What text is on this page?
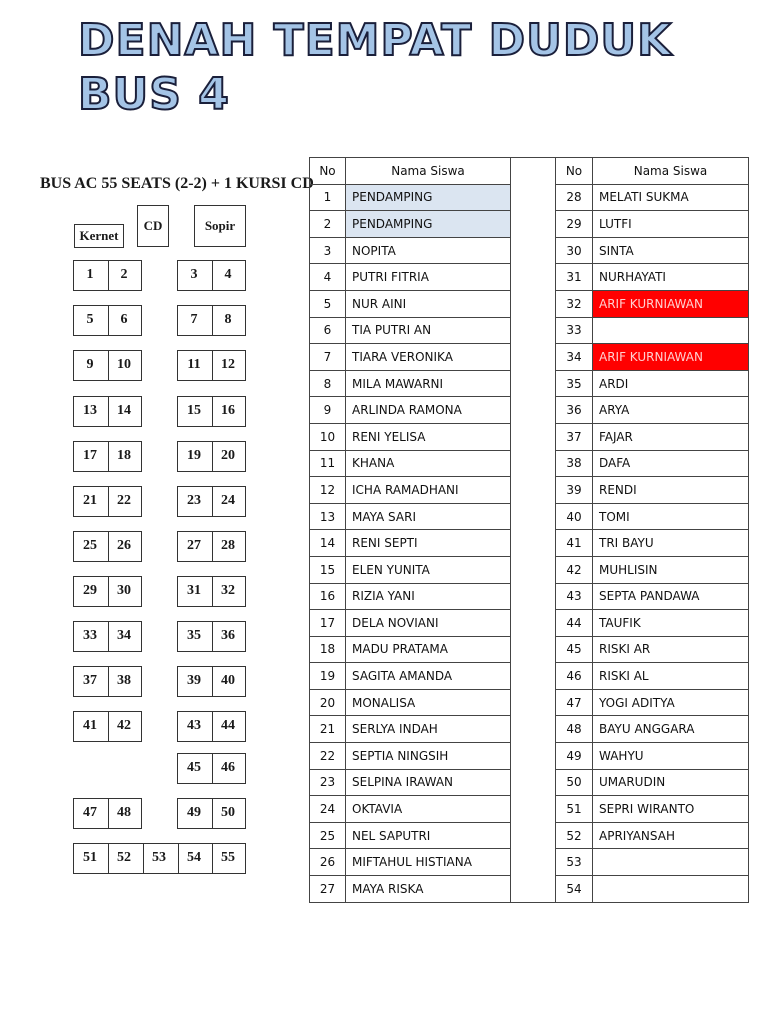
DENAH TEMPAT DUDUK
BUS 4
BUS AC 55 SEATS (2-2) + 1 KURSI CD
Kernet
CD	Sopir
1	2	3	4
5	6	7	8
9	10	11	12
13	14	15	16
17	18	19	20
21	22	23	24
25	26	27	28
29	30	31	32
33	34	35	36
37	38	39	40
41	42	43	44
45	46
47	48	49	50
51	52	53	54	55
No	Nama Siswa		No	Nama Siswa
1	PENDAMPING		28	MELATI SUKMA
2	PENDAMPING		29	LUTFI
3	NOPITA		30	SINTA
4	PUTRI FITRIA		31	NURHAYATI
5	NUR AINI		32	ARIF KURNIAWAN
6	TIA PUTRI AN		33	
7	TIARA VERONIKA		34	ARIF KURNIAWAN
8	MILA MAWARNI		35	ARDI
9	ARLINDA RAMONA		36	ARYA
10	RENI YELISA		37	FAJAR
11	KHANA		38	DAFA
12	ICHA RAMADHANI		39	RENDI
13	MAYA SARI		40	TOMI
14	RENI SEPTI		41	TRI BAYU
15	ELEN YUNITA		42	MUHLISIN
16	RIZIA YANI		43	SEPTA PANDAWA
17	DELA NOVIANI		44	TAUFIK
18	MADU PRATAMA		45	RISKI AR
19	SAGITA AMANDA		46	RISKI AL
20	MONALISA		47	YOGI ADITYA
21	SERLYA INDAH		48	BAYU ANGGARA
22	SEPTIA NINGSIH		49	WAHYU
23	SELPINA IRAWAN		50	UMARUDIN
24	OKTAVIA		51	SEPRI WIRANTO
25	NEL SAPUTRI		52	APRIYANSAH
26	MIFTAHUL HISTIANA		53	
27	MAYA RISKA		54	
